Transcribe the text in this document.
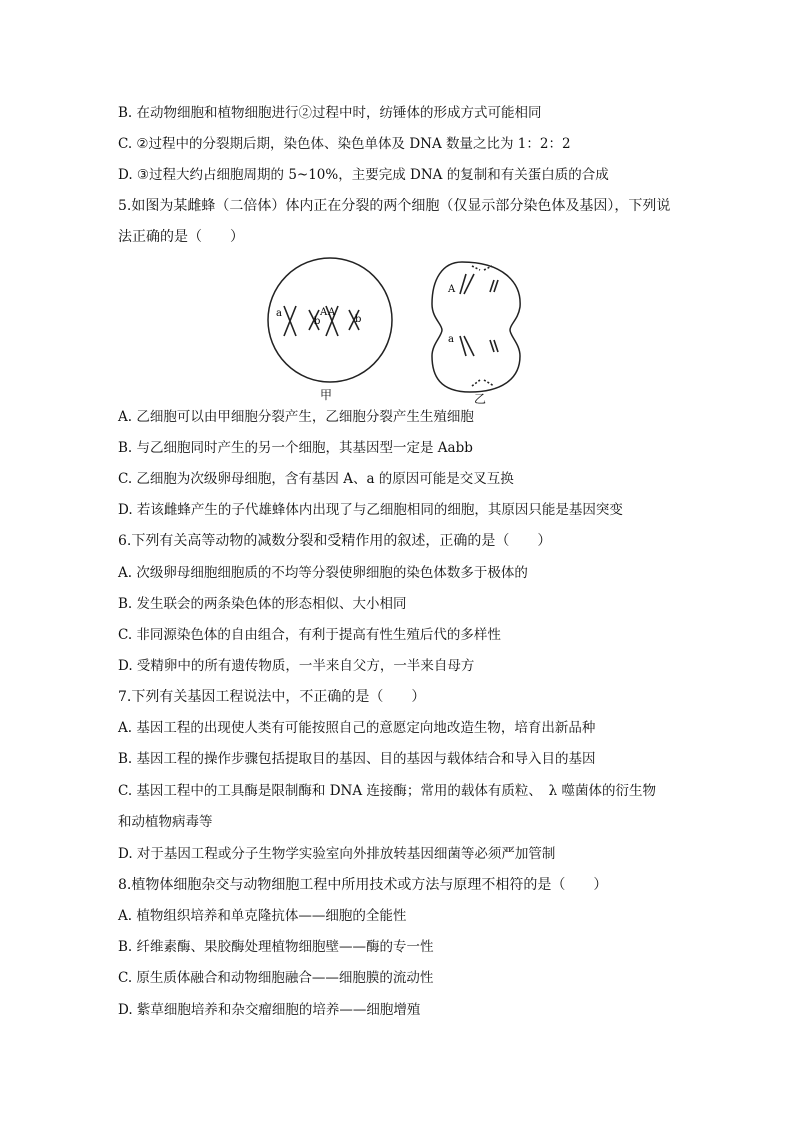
B. 在动物细胞和植物细胞进行②过程中时，纺锤体的形成方式可能相同
C. ②过程中的分裂期后期，染色体、染色单体及 DNA 数量之比为 1：2：2
D. ③过程大约占细胞周期的 5~10%，主要完成 DNA 的复制和有关蛋白质的合成
5.如图为某雌蜂（二倍体）体内正在分裂的两个细胞（仅显示部分染色体及基因），下列说
法正确的是（　　）
a
b
A A
b
A
a
甲	乙
A. 乙细胞可以由甲细胞分裂产生，乙细胞分裂产生生殖细胞
B. 与乙细胞同时产生的另一个细胞，其基因型一定是 Aabb
C. 乙细胞为次级卵母细胞，含有基因 A、a 的原因可能是交叉互换
D. 若该雌蜂产生的子代雄蜂体内出现了与乙细胞相同的细胞，其原因只能是基因突变
6.下列有关高等动物的减数分裂和受精作用的叙述，正确的是（　　）
A. 次级卵母细胞细胞质的不均等分裂使卵细胞的染色体数多于极体的
B. 发生联会的两条染色体的形态相似、大小相同
C. 非同源染色体的自由组合，有利于提高有性生殖后代的多样性
D. 受精卵中的所有遗传物质，一半来自父方，一半来自母方
7.下列有关基因工程说法中，不正确的是（　　）
A. 基因工程的出现使人类有可能按照自己的意愿定向地改造生物，培育出新品种
B. 基因工程的操作步骤包括提取目的基因、目的基因与载体结合和导入目的基因
C. 基因工程中的工具酶是限制酶和 DNA 连接酶；常用的载体有质粒、　λ 噬菌体的衍生物
和动植物病毒等
D. 对于基因工程或分子生物学实验室向外排放转基因细菌等必须严加管制
8.植物体细胞杂交与动物细胞工程中所用技术或方法与原理不相符的是（　　）
A. 植物组织培养和单克隆抗体——细胞的全能性
B. 纤维素酶、果胶酶处理植物细胞壁——酶的专一性
C. 原生质体融合和动物细胞融合——细胞膜的流动性
D. 紫草细胞培养和杂交瘤细胞的培养——细胞增殖
